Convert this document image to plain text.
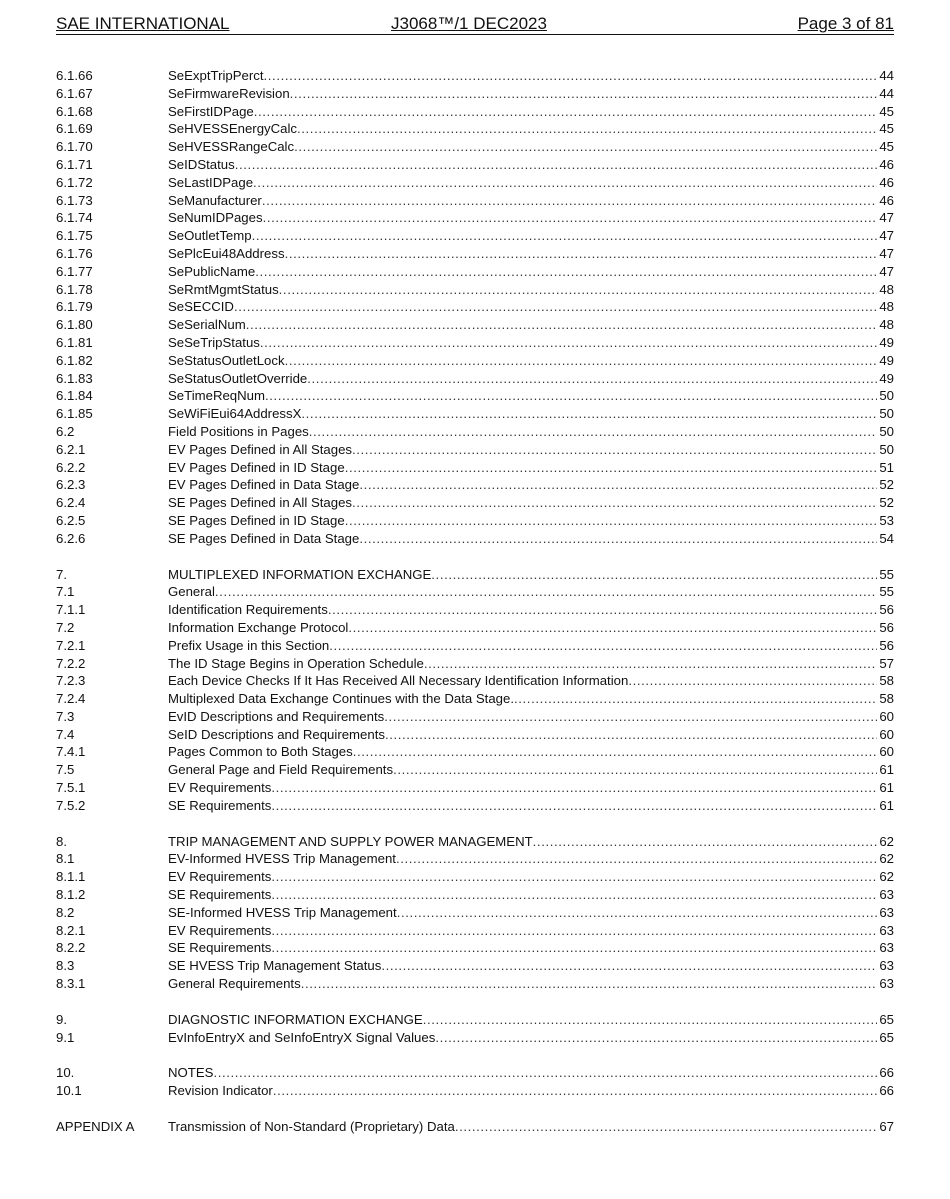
SAE INTERNATIONAL	J3068™/1 DEC2023	Page 3 of 81
6.1.66	SeExptTripPerct .....	44
6.1.67	SeFirmwareRevision .....	44
6.1.68	SeFirstIDPage .....	45
6.1.69	SeHVESSEnergyCalc .....	45
6.1.70	SeHVESSRangeCalc .....	45
6.1.71	SeIDStatus .....	46
6.1.72	SeLastIDPage .....	46
6.1.73	SeManufacturer .....	46
6.1.74	SeNumIDPages .....	47
6.1.75	SeOutletTemp .....	47
6.1.76	SePlcEui48Address .....	47
6.1.77	SePublicName .....	47
6.1.78	SeRmtMgmtStatus .....	48
6.1.79	SeSECCID .....	48
6.1.80	SeSerialNum .....	48
6.1.81	SeSeTripStatus .....	49
6.1.82	SeStatusOutletLock .....	49
6.1.83	SeStatusOutletOverride .....	49
6.1.84	SeTimeReqNum .....	50
6.1.85	SeWiFiEui64AddressX .....	50
6.2	Field Positions in Pages .....	50
6.2.1	EV Pages Defined in All Stages .....	50
6.2.2	EV Pages Defined in ID Stage .....	51
6.2.3	EV Pages Defined in Data Stage .....	52
6.2.4	SE Pages Defined in All Stages .....	52
6.2.5	SE Pages Defined in ID Stage .....	53
6.2.6	SE Pages Defined in Data Stage .....	54
7.	MULTIPLEXED INFORMATION EXCHANGE .....	55
7.1	General .....	55
7.1.1	Identification Requirements .....	56
7.2	Information Exchange Protocol .....	56
7.2.1	Prefix Usage in this Section .....	56
7.2.2	The ID Stage Begins in Operation Schedule .....	57
7.2.3	Each Device Checks If It Has Received All Necessary Identification Information .....	58
7.2.4	Multiplexed Data Exchange Continues with the Data Stage. .....	58
7.3	EvID Descriptions and Requirements .....	60
7.4	SeID Descriptions and Requirements .....	60
7.4.1	Pages Common to Both Stages .....	60
7.5	General Page and Field Requirements .....	61
7.5.1	EV Requirements .....	61
7.5.2	SE Requirements .....	61
8.	TRIP MANAGEMENT AND SUPPLY POWER MANAGEMENT .....	62
8.1	EV-Informed HVESS Trip Management .....	62
8.1.1	EV Requirements .....	62
8.1.2	SE Requirements .....	63
8.2	SE-Informed HVESS Trip Management .....	63
8.2.1	EV Requirements .....	63
8.2.2	SE Requirements .....	63
8.3	SE HVESS Trip Management Status .....	63
8.3.1	General Requirements .....	63
9.	DIAGNOSTIC INFORMATION EXCHANGE .....	65
9.1	EvInfoEntryX and SeInfoEntryX Signal Values .....	65
10.	NOTES .....	66
10.1	Revision Indicator .....	66
APPENDIX A	Transmission of Non-Standard (Proprietary) Data .....	67
